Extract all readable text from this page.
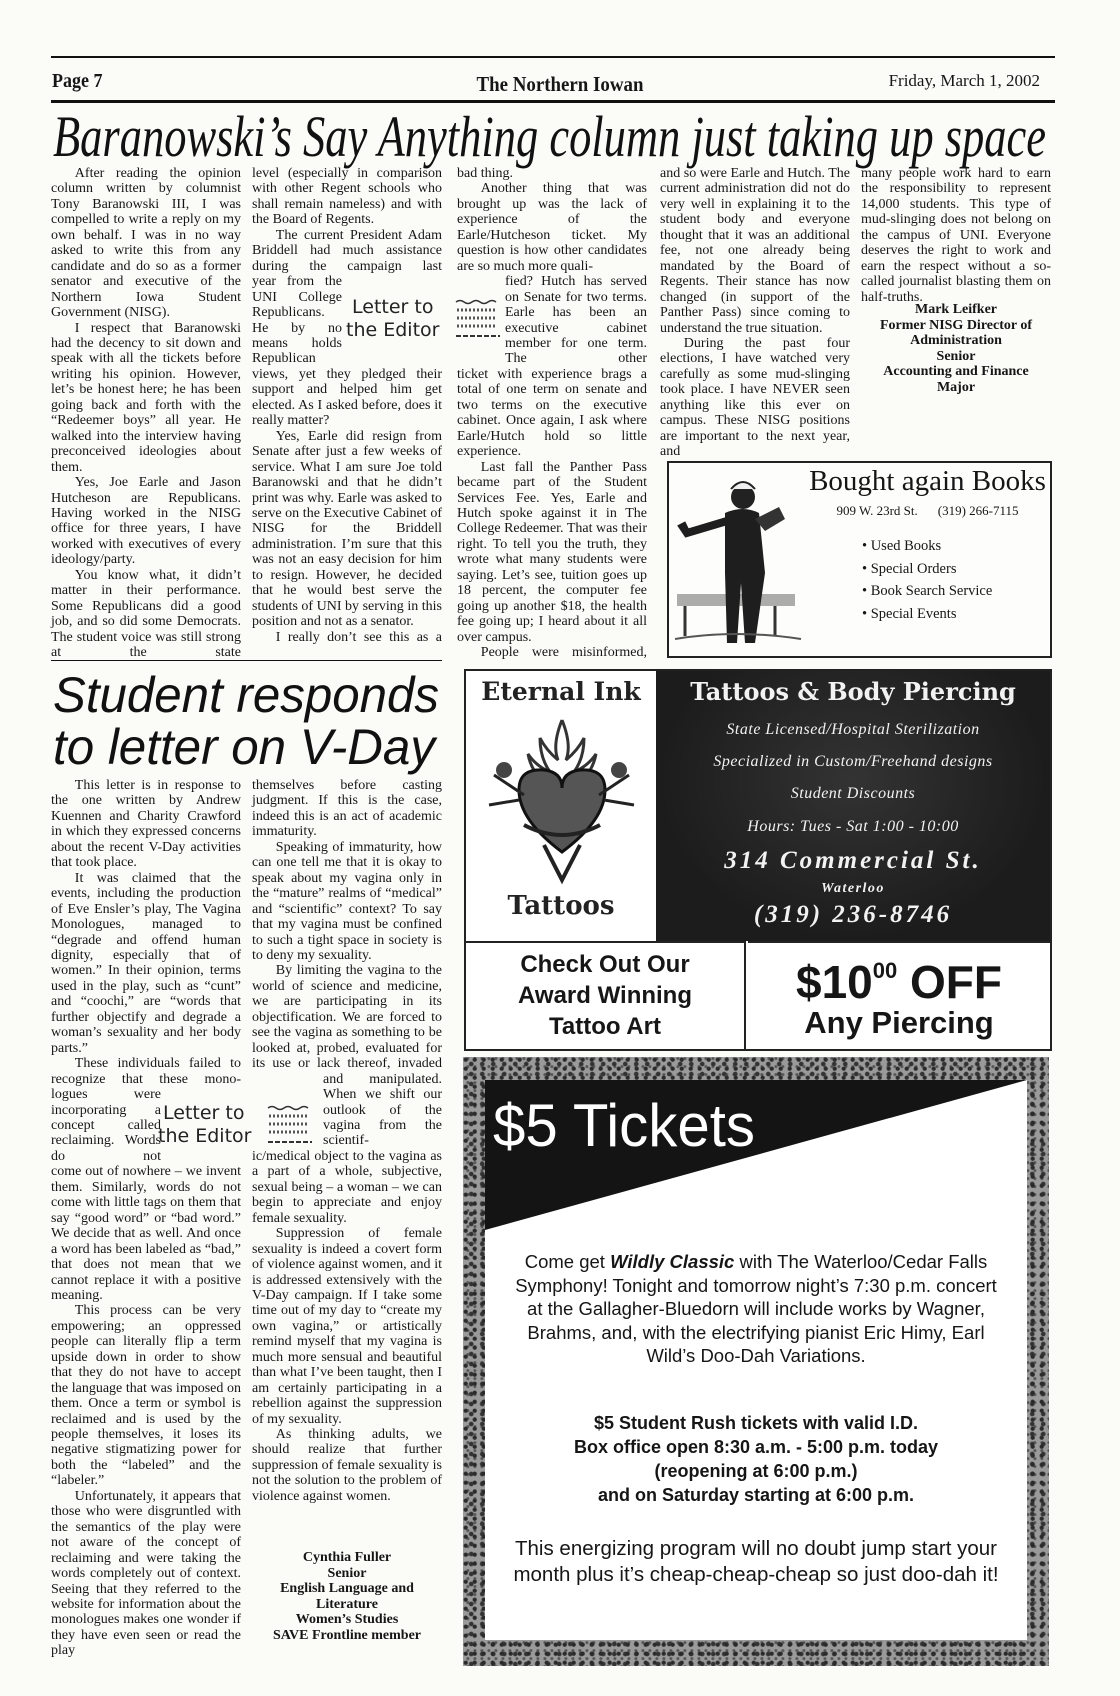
Page 7	The Northern Iowan	Friday, March 1, 2002
Baranowski’s Say Anything column just taking up space

After reading the opinion column written by columnist Tony Baranowski III, I was compelled to write a reply on my own behalf. I was in no way asked to write this from any candidate and do so as a former senator and executive of the Northern Iowa Student Government (NISG).

I respect that Baranowski had the decency to sit down and speak with all the tickets before writing his opinion. However, let’s be honest here; he has been going back and forth with the “Redeemer boys” all year. He walked into the interview having preconceived ideologies about them.

Yes, Joe Earle and Jason Hutcheson are Republicans. Having worked in the NISG office for three years, I have worked with executives of every ideology/party.

You know what, it didn’t matter in their performance. Some Republicans did a good job, and so did some Democrats. The student voice was still strong at the state

level (especially in comparison with other Regent schools who shall remain nameless) and with the Board of Regents.

The current President Adam Briddell had much assistance during the campaign last

year from the UNI College Republicans. He by no means holds Republican

views, yet they pledged their support and helped him get elected. As I asked before, does it really matter?

Yes, Earle did resign from Senate after just a few weeks of service. What I am sure Joe told Baranowski and that he didn’t print was why. Earle was asked to serve on the Executive Cabinet of NISG for the Briddell administration. I’m sure that this was not an easy decision for him to resign. However, he decided that he would best serve the students of UNI by serving in this position and not as a senator.

I really don’t see this as a

bad thing.

Another thing that was brought up was the lack of experience of the Earle/Hutcheson ticket. My question is how other candidates are so much more quali-

fied? Hutch has served on Senate for two terms. Earle has been an executive cabinet member for one term. The other

ticket with experience brags a total of one term on senate and two terms on the executive cabinet. Once again, I ask where Earle/Hutch hold so little experience.

Last fall the Panther Pass became part of the Student Services Fee. Yes, Earle and Hutch spoke against it in The College Redeemer. That was their right. To tell you the truth, they wrote what many students were saying. Let’s see, tuition goes up 18 percent, the computer fee going up another $18, the health fee going up; I heard about it all over campus.

People were misinformed,

and so were Earle and Hutch. The current administration did not do very well in explaining it to the student body and everyone thought that it was an additional fee, not one already being mandated by the Board of Regents. Their stance has now changed (in support of the Panther Pass) since coming to understand the true situation.

During the past four elections, I have watched very carefully as some mud-slinging took place. I have NEVER seen anything like this ever on campus. These NISG positions are important to the next year, and

many people work hard to earn the responsibility to represent 14,000 students. This type of mud-slinging does not belong on the campus of UNI. Everyone deserves the right to work and earn the respect without a so-called journalist blasting them on half-truths.

Mark Leifker
Former NISG Director of
Administration
Senior
Accounting and Finance
Major
Letter to
the Editor
Bought again Books
909 W. 23rd St. (319) 266-7115
• Used Books
• Special Orders
• Book Search Service
• Special Events
Student responds
to letter on V-Day

This letter is in response to the one written by Andrew Kuennen and Charity Crawford in which they expressed concerns about the recent V-Day activities that took place.

It was claimed that the events, including the production of Eve Ensler’s play, The Vagina Monologues, managed to “degrade and offend human dignity, especially that of women.” In their opinion, terms used in the play, such as “cunt” and “coochi,” are “words that further objectify and degrade a woman’s sexuality and her body parts.”

These individuals failed to recognize that these mono-

logues were incorporating a concept called reclaiming. Words do not

come out of nowhere – we invent them. Similarly, words do not come with little tags on them that say “good word” or “bad word.” We decide that as well. And once a word has been labeled as “bad,” that does not mean that we cannot replace it with a positive meaning.

This process can be very empowering; an oppressed people can literally flip a term upside down in order to show that they do not have to accept the language that was imposed on them. Once a term or symbol is reclaimed and is used by the people themselves, it loses its negative stigmatizing power for both the “labeled” and the “labeler.”

Unfortunately, it appears that those who were disgruntled with the semantics of the play were not aware of the concept of reclaiming and were taking the words completely out of context. Seeing that they referred to the website for information about the monologues makes one wonder if they have even seen or read the play

themselves before casting judgment. If this is the case, indeed this is an act of academic immaturity.

Speaking of immaturity, how can one tell me that it is okay to speak about my vagina only in the “mature” realms of “medical” and “scientific” context? To say that my vagina must be confined to such a tight space in society is to deny my sexuality.

By limiting the vagina to the world of science and medicine, we are participating in its objectification. We are forced to see the vagina as something to be looked at, probed, evaluated for its use or lack thereof, invaded

and manipulated. When we shift our outlook of the vagina from the scientif-

ic/medical object to the vagina as a part of a whole, subjective, sexual being – a woman – we can begin to appreciate and enjoy female sexuality.

Suppression of female sexuality is indeed a covert form of violence against women, and it is addressed extensively with the V-Day campaign. If I take some time out of my day to “create my own vagina,” or artistically remind myself that my vagina is much more sensual and beautiful than what I’ve been taught, then I am certainly participating in a rebellion against the suppression of my sexuality.

As thinking adults, we should realize that further suppression of female sexuality is not the solution to the problem of violence against women.

Cynthia Fuller
Senior
English Language and
Literature
Women’s Studies
SAVE Frontline member
Letter to
the Editor
Eternal Ink
Tattoos
Tattoos & Body Piercing
State Licensed/Hospital Sterilization
Specialized in Custom/Freehand designs
Student Discounts
Hours: Tues - Sat 1:00 - 10:00
314 Commercial St.
Waterloo
(319) 236-8746
Check Out Our
Award Winning
Tattoo Art
$\$10^{00}$ OFF
Any Piercing
$5 Tickets
Come get Wildly Classic with The Waterloo/Cedar Falls Symphony! Tonight and tomorrow night’s 7:30 p.m. concert at the Gallagher-Bluedorn will include works by Wagner, Brahms, and, with the electrifying pianist Eric Himy, Earl Wild’s Doo-Dah Variations.
$5 Student Rush tickets with valid I.D.
Box office open 8:30 a.m. - 5:00 p.m. today
(reopening at 6:00 p.m.)
and on Saturday starting at 6:00 p.m.
This energizing program will no doubt jump start your month plus it’s cheap-cheap-cheap so just doo-dah it!
